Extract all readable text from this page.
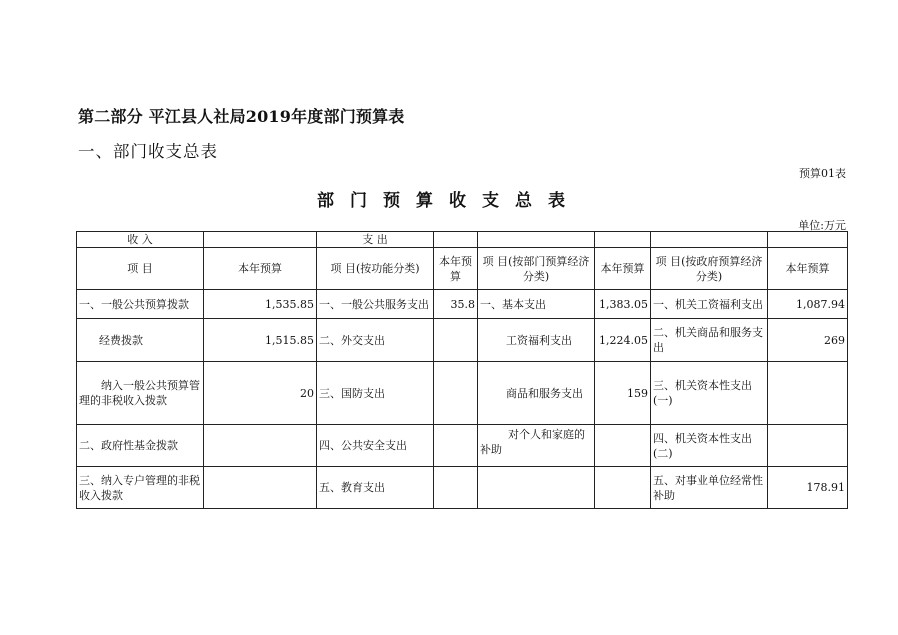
第二部分 平江县人社局2019年度部门预算表
一、部门收支总表
预算01表
部门预算收支总表
单位:万元
收 入		支 出					
项 目	本年预算	项 目(按功能分类)	本年预算	项 目(按部门预算经济分类)	本年预算	项 目(按政府预算经济分类)	本年预算
一、一般公共预算拨款	1,535.85	一、一般公共服务支出	35.8	一、基本支出	1,383.05	一、机关工资福利支出	1,087.94
经费拨款	1,515.85	二、外交支出		工资福利支出	1,224.05	二、机关商品和服务支出	269
纳入一般公共预算管理的非税收入拨款	20	三、国防支出		商品和服务支出	159	三、机关资本性支出(一)	
二、政府性基金拨款		四、公共安全支出		对个人和家庭的补助		四、机关资本性支出(二)	
三、纳入专户管理的非税收入拨款		五、教育支出				五、对事业单位经常性补助	178.91
